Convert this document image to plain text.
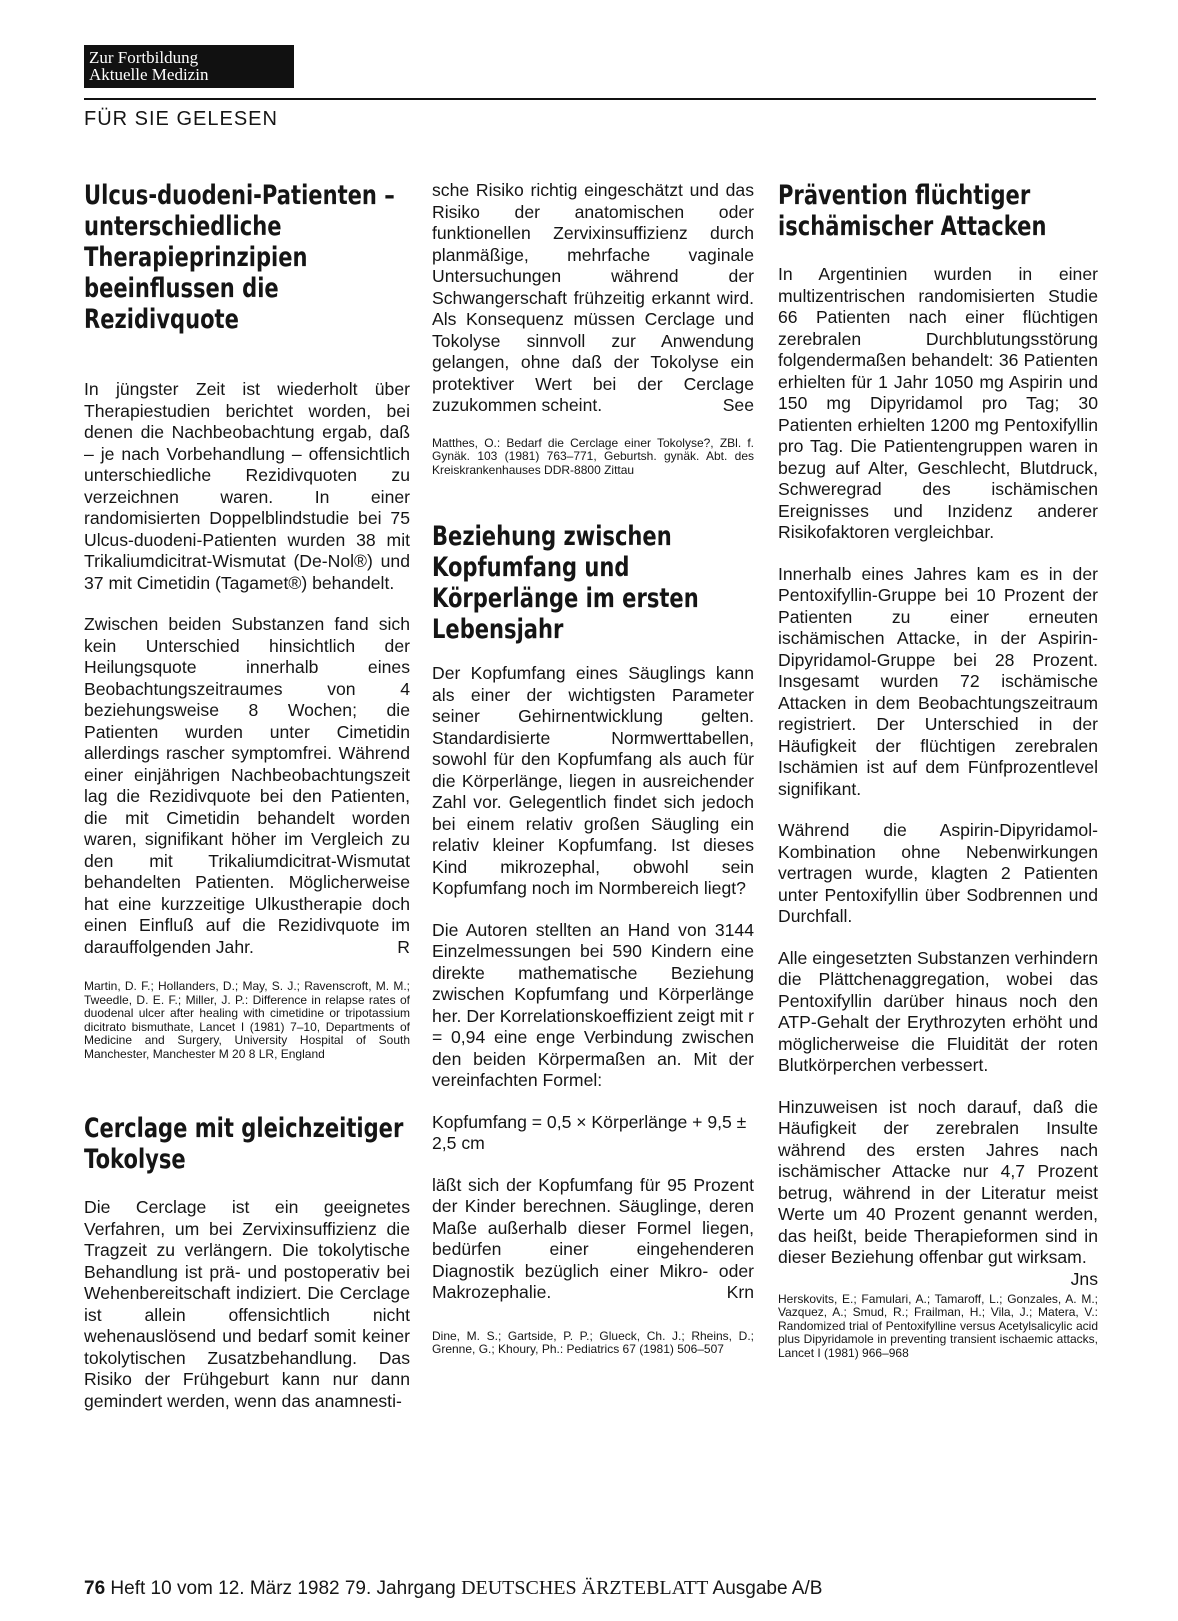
Zur Fortbildung
Aktuelle Medizin
FÜR SIE GELESEN
Ulcus-duodeni-Patienten – unterschiedliche Therapieprinzipien beeinflussen die Rezidivquote

In jüngster Zeit ist wiederholt über Therapiestudien berichtet worden, bei denen die Nachbeobachtung ergab, daß – je nach Vorbehandlung – offensichtlich unterschiedliche Rezidivquoten zu verzeichnen waren. In einer randomisierten Doppelblindstudie bei 75 Ulcus-duodeni-Patienten wurden 38 mit Trikaliumdicitrat-Wismutat (De-Nol®) und 37 mit Cimetidin (Tagamet®) behandelt.

Zwischen beiden Substanzen fand sich kein Unterschied hinsichtlich der Heilungsquote innerhalb eines Beobachtungszeitraumes von 4 beziehungsweise 8 Wochen; die Patienten wurden unter Cimetidin allerdings rascher symptomfrei. Während einer einjährigen Nachbeobachtungszeit lag die Rezidivquote bei den Patienten, die mit Cimetidin behandelt worden waren, signifikant höher im Vergleich zu den mit Trikaliumdicitrat-Wismutat behandelten Patienten. Möglicherweise hat eine kurzzeitige Ulkustherapie doch einen Einfluß auf die Rezidivquote im darauffolgenden Jahr.	R

Martin, D. F.; Hollanders, D.; May, S. J.; Ravenscroft, M. M.; Tweedle, D. E. F.; Miller, J. P.: Difference in relapse rates of duodenal ulcer after healing with cimetidine or tripotassium dicitrato bismuthate, Lancet I (1981) 7–10, Departments of Medicine and Surgery, University Hospital of South Manchester, Manchester M 20 8 LR, England

Cerclage mit gleichzeitiger Tokolyse

Die Cerclage ist ein geeignetes Verfahren, um bei Zervixinsuffizienz die Tragzeit zu verlängern. Die tokolytische Behandlung ist prä- und postoperativ bei Wehenbereitschaft indiziert. Die Cerclage ist allein offensichtlich nicht wehenauslösend und bedarf somit keiner tokolytischen Zusatzbehandlung. Das Risiko der Frühgeburt kann nur dann gemindert werden, wenn das anamnesti-

sche Risiko richtig eingeschätzt und das Risiko der anatomischen oder funktionellen Zervixinsuffizienz durch planmäßige, mehrfache vaginale Untersuchungen während der Schwangerschaft frühzeitig erkannt wird. Als Konsequenz müssen Cerclage und Tokolyse sinnvoll zur Anwendung gelangen, ohne daß der Tokolyse ein protektiver Wert bei der Cerclage zuzukommen scheint.	See

Matthes, O.: Bedarf die Cerclage einer Tokolyse?, ZBl. f. Gynäk. 103 (1981) 763–771, Geburtsh. gynäk. Abt. des Kreiskrankenhauses DDR-8800 Zittau

Beziehung zwischen Kopfumfang und Körperlänge im ersten Lebensjahr

Der Kopfumfang eines Säuglings kann als einer der wichtigsten Parameter seiner Gehirnentwicklung gelten. Standardisierte Normwerttabellen, sowohl für den Kopfumfang als auch für die Körperlänge, liegen in ausreichender Zahl vor. Gelegentlich findet sich jedoch bei einem relativ großen Säugling ein relativ kleiner Kopfumfang. Ist dieses Kind mikrozephal, obwohl sein Kopfumfang noch im Normbereich liegt?

Die Autoren stellten an Hand von 3144 Einzelmessungen bei 590 Kindern eine direkte mathematische Beziehung zwischen Kopfumfang und Körperlänge her. Der Korrelationskoeffizient zeigt mit r = 0,94 eine enge Verbindung zwischen den beiden Körpermaßen an. Mit der vereinfachten Formel:

Kopfumfang = 0,5 × Körperlänge + 9,5 ± 2,5 cm

läßt sich der Kopfumfang für 95 Prozent der Kinder berechnen. Säuglinge, deren Maße außerhalb dieser Formel liegen, bedürfen einer eingehenderen Diagnostik bezüglich einer Mikro- oder Makrozephalie.	Krn

Dine, M. S.; Gartside, P. P.; Glueck, Ch. J.; Rheins, D.; Grenne, G.; Khoury, Ph.: Pediatrics 67 (1981) 506–507

Prävention flüchtiger ischämischer Attacken

In Argentinien wurden in einer multizentrischen randomisierten Studie 66 Patienten nach einer flüchtigen zerebralen Durchblutungsstörung folgendermaßen behandelt: 36 Patienten erhielten für 1 Jahr 1050 mg Aspirin und 150 mg Dipyridamol pro Tag; 30 Patienten erhielten 1200 mg Pentoxifyllin pro Tag. Die Patientengruppen waren in bezug auf Alter, Geschlecht, Blutdruck, Schweregrad des ischämischen Ereignisses und Inzidenz anderer Risikofaktoren vergleichbar.

Innerhalb eines Jahres kam es in der Pentoxifyllin-Gruppe bei 10 Prozent der Patienten zu einer erneuten ischämischen Attacke, in der Aspirin-Dipyridamol-Gruppe bei 28 Prozent. Insgesamt wurden 72 ischämische Attacken in dem Beobachtungszeitraum registriert. Der Unterschied in der Häufigkeit der flüchtigen zerebralen Ischämien ist auf dem Fünfprozentlevel signifikant.

Während die Aspirin-Dipyridamol-Kombination ohne Nebenwirkungen vertragen wurde, klagten 2 Patienten unter Pentoxifyllin über Sodbrennen und Durchfall.

Alle eingesetzten Substanzen verhindern die Plättchenaggregation, wobei das Pentoxifyllin darüber hinaus noch den ATP-Gehalt der Erythrozyten erhöht und möglicherweise die Fluidität der roten Blutkörperchen verbessert.

Hinzuweisen ist noch darauf, daß die Häufigkeit der zerebralen Insulte während des ersten Jahres nach ischämischer Attacke nur 4,7 Prozent betrug, während in der Literatur meist Werte um 40 Prozent genannt werden, das heißt, beide Therapieformen sind in dieser Beziehung offenbar gut wirksam.
Jns

Herskovits, E.; Famulari, A.; Tamaroff, L.; Gonzales, A. M.; Vazquez, A.; Smud, R.; Frailman, H.; Vila, J.; Matera, V.: Randomized trial of Pentoxifylline versus Acetylsalicylic acid plus Dipyridamole in preventing transient ischaemic attacks, Lancet I (1981) 966–968

76 Heft 10 vom 12. März 1982 79. Jahrgang DEUTSCHES ÄRZTEBLATT Ausgabe A/B
